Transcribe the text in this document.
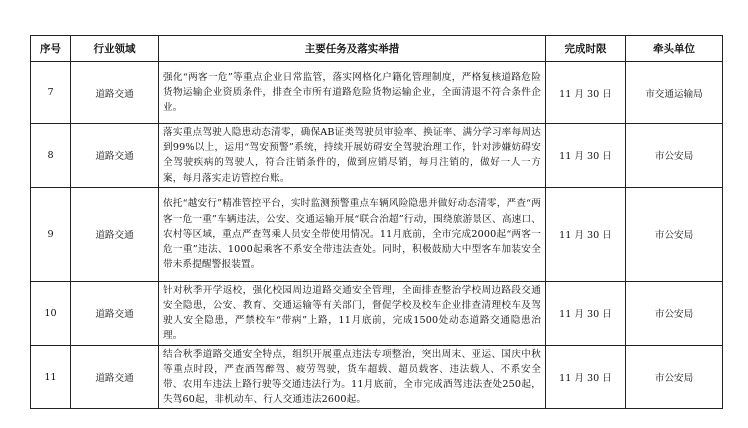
序号	行业领域	主要任务及落实举措	完成时限	牵头单位
7	道路交通	强化“两客一危”等重点企业日常监管，落实网格化户籍化管理制度，严格复核道路危险货物运输企业资质条件，排查全市所有道路危险货物运输企业，全面清退不符合条件企业。	11 月 30 日	市交通运输局
8	道路交通	落实重点驾驶人隐患动态清零，确保AB证类驾驶员审验率、换证率、满分学习率每周达到99%以上，运用“驾安预警”系统，持续开展妨碍安全驾驶治理工作，针对涉嫌妨碍安全驾驶疾病的驾驶人，符合注销条件的，做到应销尽销，每月注销的，做好一人一方案，每月落实走访管控台账。	11 月 30 日	市公安局
9	道路交通	依托“越安行”精准管控平台，实时监测预警重点车辆风险隐患并做好动态清零，严查“两客一危一重”车辆违法，公安、交通运输开展“联合治超”行动，围绕旅游景区、高速口、农村等区域，重点严查驾乘人员安全带使用情况。11月底前，全市完成2000起“两客一危一重”违法、1000起乘客不系安全带违法查处。同时，积极鼓励大中型客车加装安全带未系提醒警报装置。	11 月 30 日	市公安局
10	道路交通	针对秋季开学返校，强化校园周边道路交通安全管理，全面排查整治学校周边路段交通安全隐患，公安、教育、交通运输等有关部门，督促学校及校车企业排查清理校车及驾驶人安全隐患，严禁校车“带病”上路，11月底前，完成1500处动态道路交通隐患治理。	11 月 30 日	市公安局
11	道路交通	结合秋季道路交通安全特点，组织开展重点违法专项整治，突出周末、亚运、国庆中秋等重点时段，严查酒驾醉驾、疲劳驾驶，货车超载、超员载客、违法载人、不系安全带、农用车违法上路行驶等交通违法行为。11月底前，全市完成酒驾违法查处250起，失驾60起，非机动车、行人交通违法2600起。	11 月 30 日	市公安局
